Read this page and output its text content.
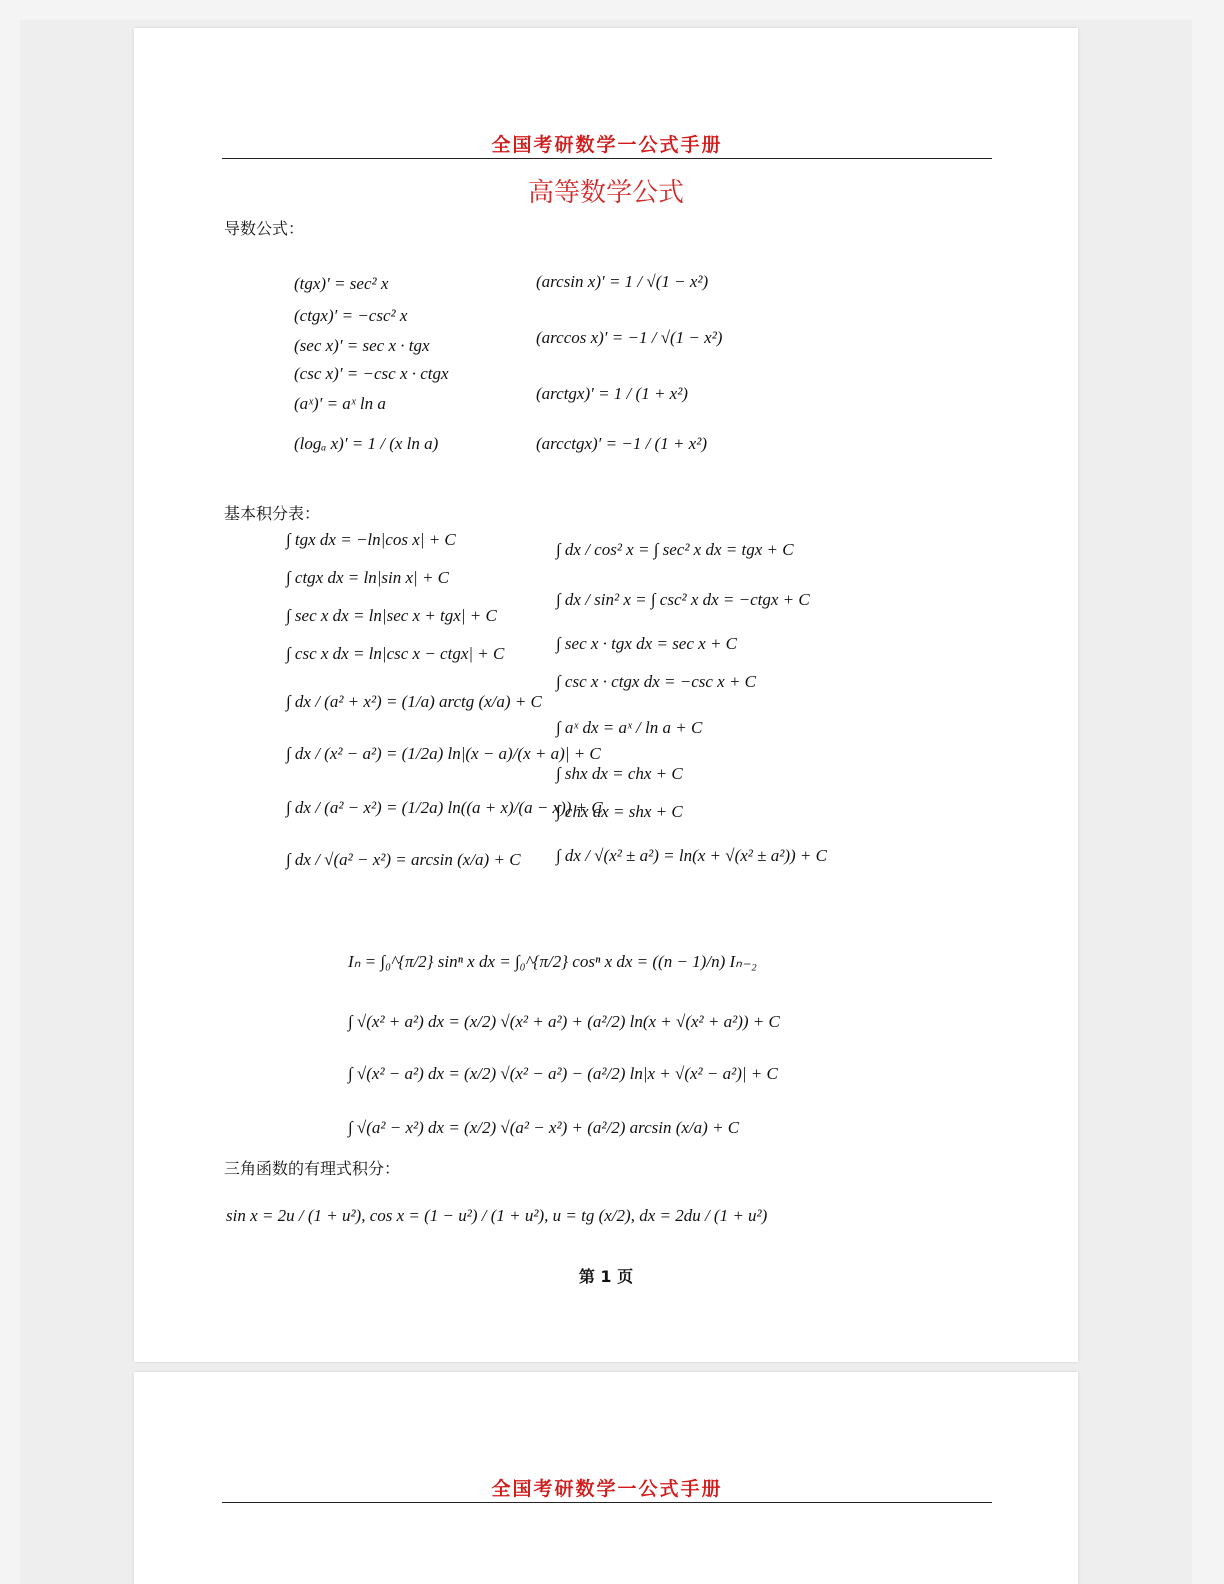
全国考研数学一公式手册
高等数学公式
导数公式：
(tgx)′ = sec² x
(ctgx)′ = −csc² x
(sec x)′ = sec x · tgx
(csc x)′ = −csc x · ctgx
(aˣ)′ = aˣ ln a
(logₐ x)′ = 1 / (x ln a)
(arcsin x)′ = 1 / √(1 − x²)
(arccos x)′ = −1 / √(1 − x²)
(arctgx)′ = 1 / (1 + x²)
(arcctgx)′ = −1 / (1 + x²)
基本积分表：
∫ tgx dx = −ln|cos x| + C
∫ ctgx dx = ln|sin x| + C
∫ sec x dx = ln|sec x + tgx| + C
∫ csc x dx = ln|csc x − ctgx| + C
∫ dx / (a² + x²) = (1/a) arctg (x/a) + C
∫ dx / (x² − a²) = (1/2a) ln|(x − a)/(x + a)| + C
∫ dx / (a² − x²) = (1/2a) ln((a + x)/(a − x)) + C
∫ dx / √(a² − x²) = arcsin (x/a) + C
∫ dx / cos² x = ∫ sec² x dx = tgx + C
∫ dx / sin² x = ∫ csc² x dx = −ctgx + C
∫ sec x · tgx dx = sec x + C
∫ csc x · ctgx dx = −csc x + C
∫ aˣ dx = aˣ / ln a + C
∫ shx dx = chx + C
∫ chx dx = shx + C
∫ dx / √(x² ± a²) = ln(x + √(x² ± a²)) + C
Iₙ = ∫₀^{π/2} sinⁿ x dx = ∫₀^{π/2} cosⁿ x dx = ((n − 1)/n) Iₙ₋₂
∫ √(x² + a²) dx = (x/2) √(x² + a²) + (a²/2) ln(x + √(x² + a²)) + C
∫ √(x² − a²) dx = (x/2) √(x² − a²) − (a²/2) ln|x + √(x² − a²)| + C
∫ √(a² − x²) dx = (x/2) √(a² − x²) + (a²/2) arcsin (x/a) + C
三角函数的有理式积分：
sin x = 2u / (1 + u²), cos x = (1 − u²) / (1 + u²), u = tg (x/2), dx = 2du / (1 + u²)
第 1 页
全国考研数学一公式手册
